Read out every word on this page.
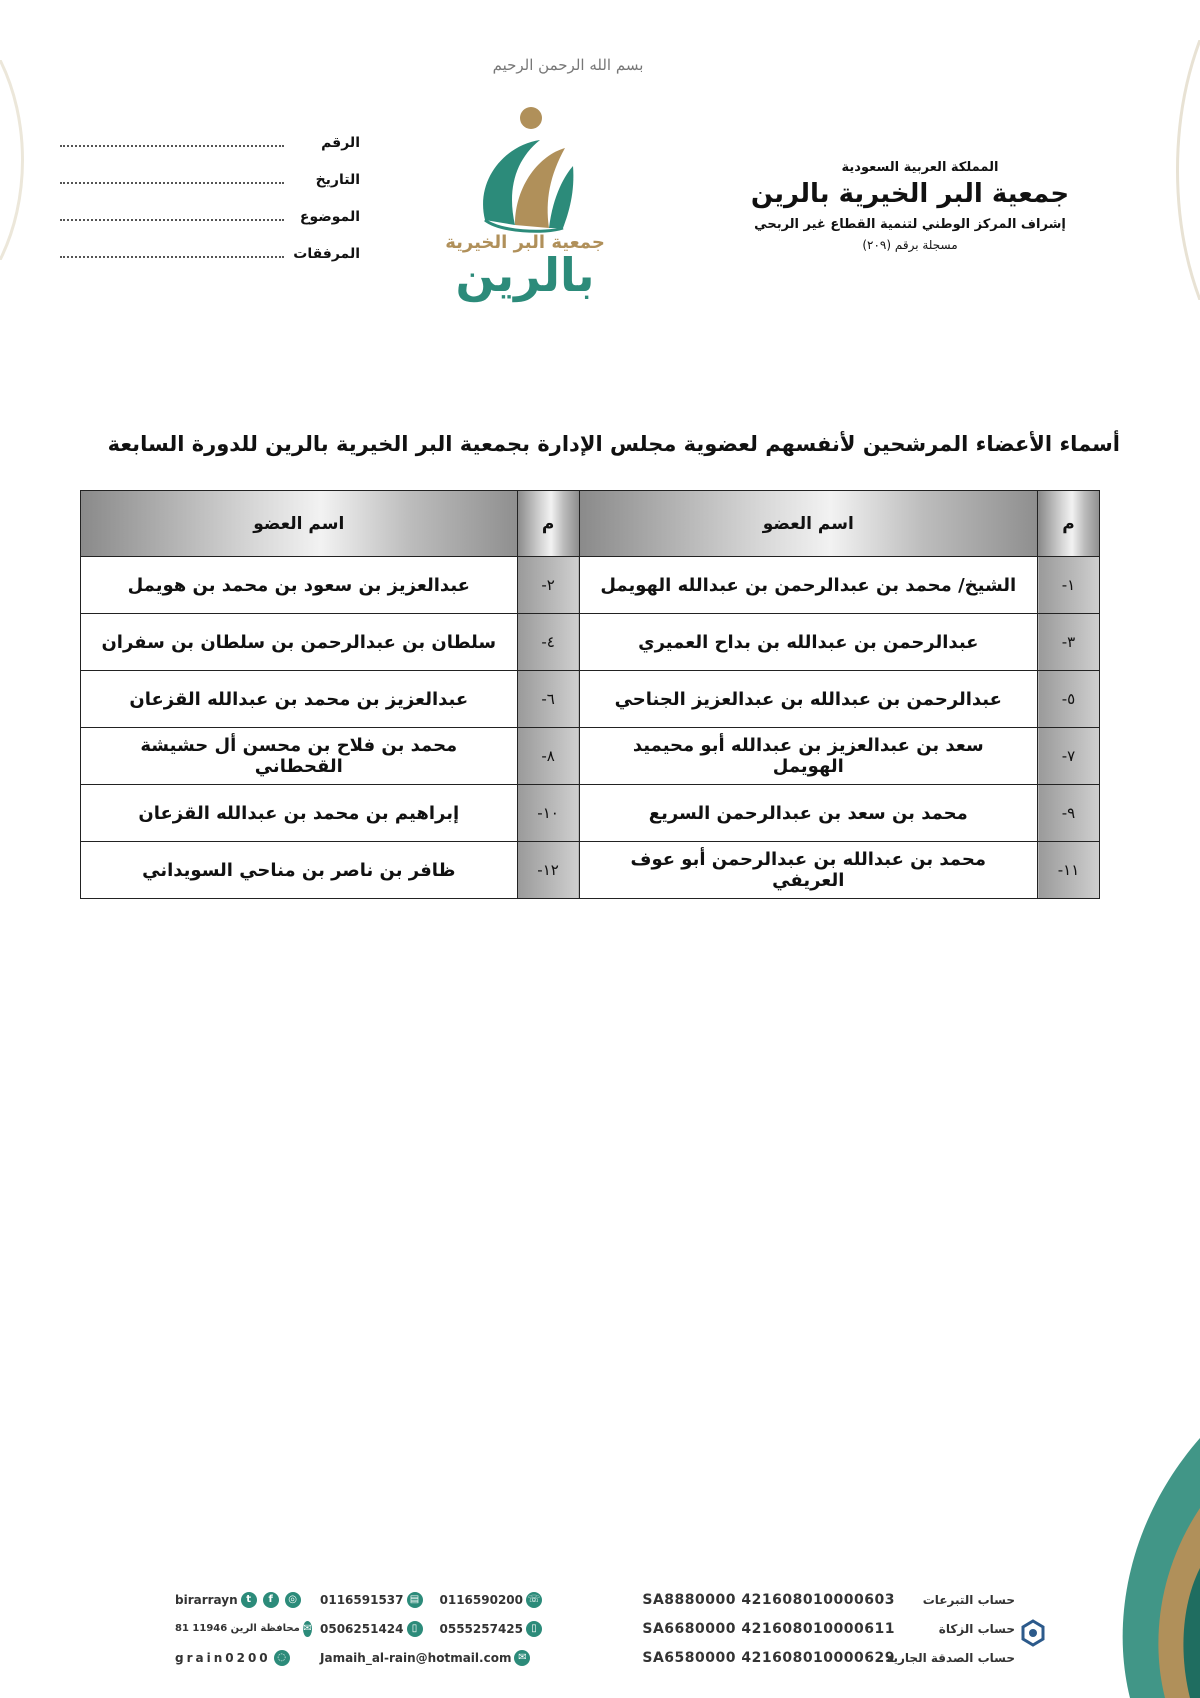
المملكة العربية السعودية
جمعية البر الخيرية بالرين
إشراف المركز الوطني لتنمية القطاع غير الربحي
مسجلة برقم (٢٠٩)
بسم الله الرحمن الرحيم
جمعية البر الخيرية
بالرين
الرقم
التاريخ
الموضوع
المرفقات
أسماء الأعضاء المرشحين لأنفسهم لعضوية مجلس الإدارة بجمعية البر الخيرية بالرين للدورة السابعة
م	اسم العضو	م	اسم العضو
١-	الشيخ/ محمد بن عبدالرحمن بن عبدالله الهويمل	٢-	عبدالعزيز بن سعود بن محمد بن هويمل
٣-	عبدالرحمن بن عبدالله بن بداح العميري	٤-	سلطان بن عبدالرحمن بن سلطان بن سفران
٥-	عبدالرحمن بن عبدالله بن عبدالعزيز الجناحي	٦-	عبدالعزيز بن محمد بن عبدالله القزعان
٧-	سعد بن عبدالعزيز بن عبدالله أبو محيميد الهويمل	٨-	محمد بن فلاح بن محسن أل حشيشة القحطاني
٩-	محمد بن سعد بن عبدالرحمن السريع	١٠-	إبراهيم بن محمد بن عبدالله القزعان
١١-	محمد بن عبدالله بن عبدالرحمن أبو عوف العريفي	١٢-	ظافر بن ناصر بن مناحي السويداني
حساب التبرعات
SA8880000 421608010000603
حساب الزكاة
SA6680000 421608010000611
حساب الصدقة الجارية
SA6580000 421608010000629
0116591537 ▤ 0116590200 ☏
0506251424 ▯	0555257425 ▯
Jamaih_al-rain@hotmail.com ✉
birarrayn t	f	◎
81 محافظة الرين 11946 ✉
grain0200 ◌
